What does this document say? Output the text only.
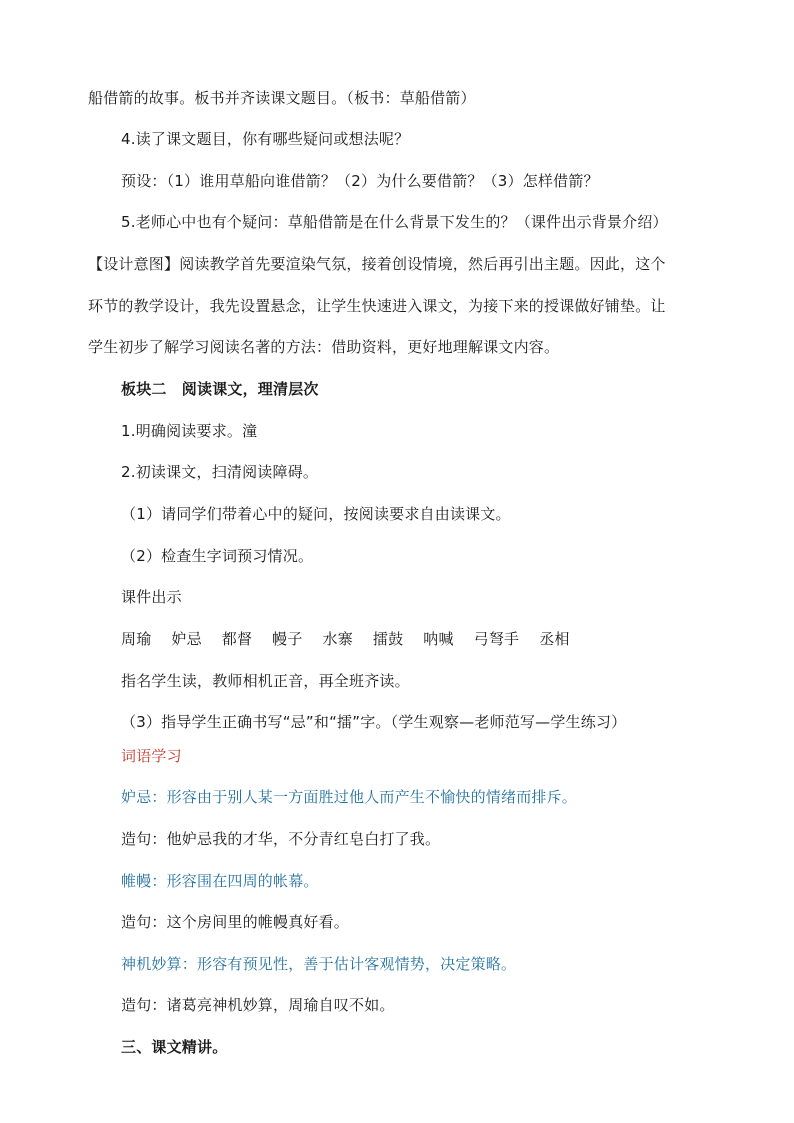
船借箭的故事。板书并齐读课文题目。（板书：草船借箭）
4.读了课文题目，你有哪些疑问或想法呢？
预设：（1）谁用草船向谁借箭？（2）为什么要借箭？（3）怎样借箭？
5.老师心中也有个疑问：草船借箭是在什么背景下发生的？（课件出示背景介绍）
【设计意图】阅读教学首先要渲染气氛，接着创设情境，然后再引出主题。因此，这个
环节的教学设计，我先设置悬念，让学生快速进入课文，为接下来的授课做好铺垫。让
学生初步了解学习阅读名著的方法：借助资料，更好地理解课文内容。
板块二　阅读课文，理清层次
1.明确阅读要求。潼
2.初读课文，扫清阅读障碍。
（1）请同学们带着心中的疑问，按阅读要求自由读课文。
（2）检查生字词预习情况。
课件出示
周瑜 妒忌 都督 幔子 水寨 擂鼓 呐喊 弓弩手 丞相
指名学生读，教师相机正音，再全班齐读。
（3）指导学生正确书写“忌”和“擂”字。（学生观察—老师范写—学生练习）
词语学习
妒忌：形容由于别人某一方面胜过他人而产生不愉快的情绪而排斥。
造句：他妒忌我的才华，不分青红皂白打了我。
帷幔：形容围在四周的帐幕。
造句：这个房间里的帷幔真好看。
神机妙算：形容有预见性，善于估计客观情势，决定策略。
造句：诸葛亮神机妙算，周瑜自叹不如。
三、课文精讲。
